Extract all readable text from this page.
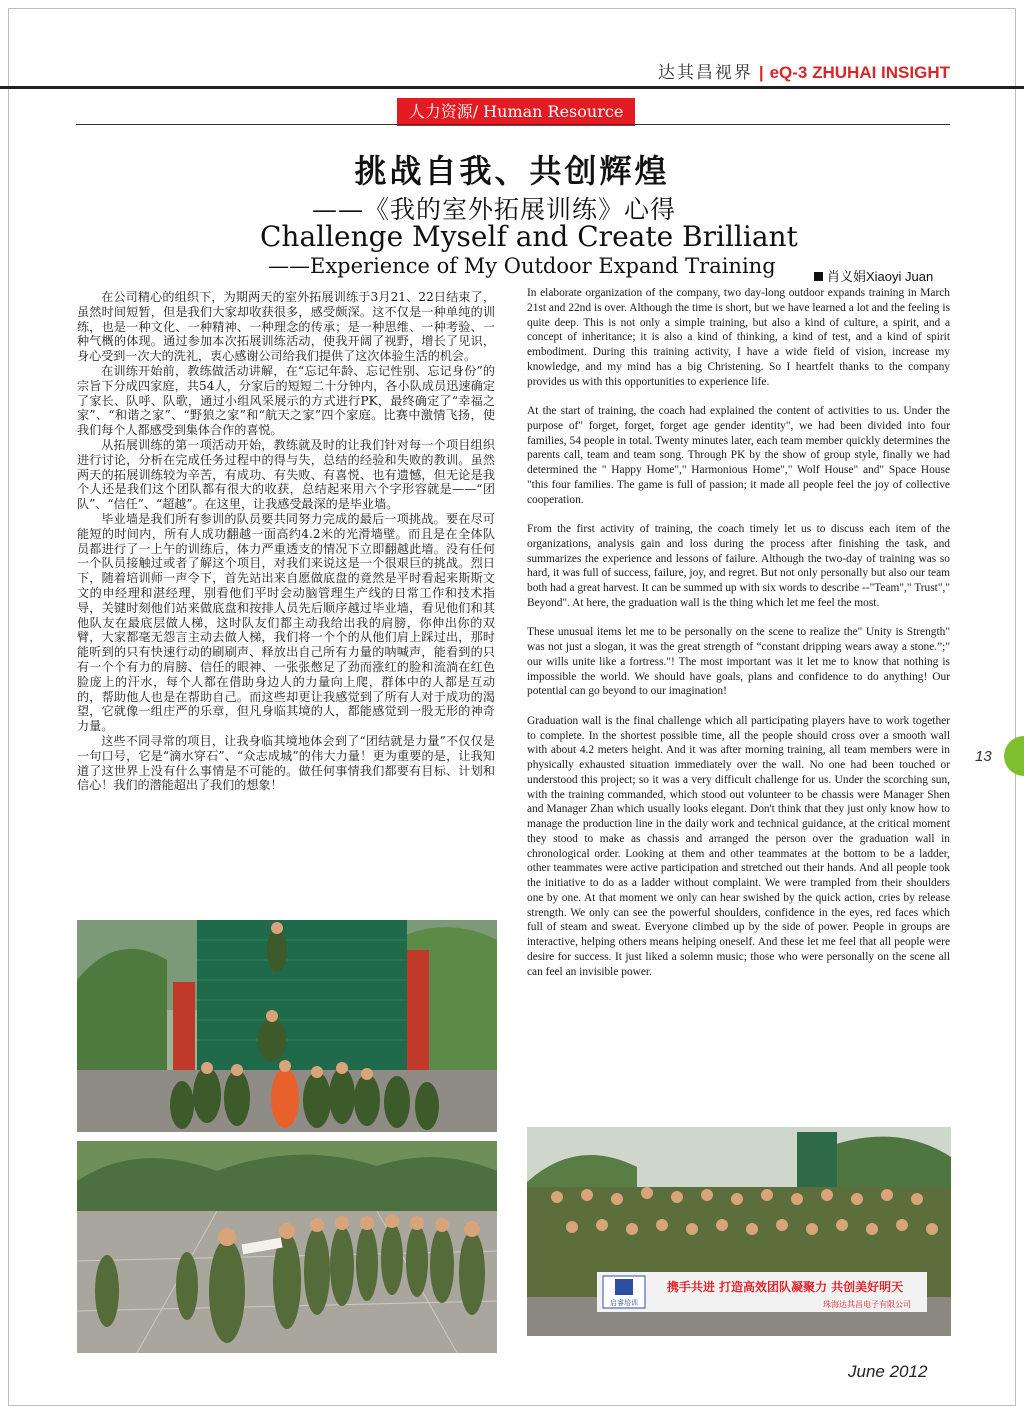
达其昌视界 | eQ-3 ZHUHAI INSIGHT
人力资源/ Human Resource
挑战自我、共创辉煌
——《我的室外拓展训练》心得
Challenge Myself and Create Brilliant
——Experience of My Outdoor Expand Training	肖义娟Xiaoyi Juan

在公司精心的组织下，为期两天的室外拓展训练于3月21、22日结束了，虽然时间短暂，但是我们大家却收获很多，感受颇深。这不仅是一种单纯的训练，也是一种文化、一种精神、一种理念的传承；是一种思维、一种考验、一种气概的体现。通过参加本次拓展训练活动，使我开阔了视野，增长了见识，身心受到一次大的洗礼，衷心感谢公司给我们提供了这次体验生活的机会。

在训练开始前，教练做活动讲解，在“忘记年龄、忘记性别、忘记身份”的宗旨下分成四家庭，共54人，分家后的短短二十分钟内，各小队成员迅速确定了家长、队呼、队歌，通过小组风采展示的方式进行PK，最终确定了“幸福之家”、“和谐之家”、“野狼之家”和“航天之家”四个家庭。比赛中激情飞扬，使我们每个人都感受到集体合作的喜悦。

从拓展训练的第一项活动开始，教练就及时的让我们针对每一个项目组织进行讨论，分析在完成任务过程中的得与失，总结的经验和失败的教训。虽然两天的拓展训练较为辛苦，有成功、有失败、有喜悦、也有遗憾，但无论是我个人还是我们这个团队都有很大的收获，总结起来用六个字形容就是——“团队”、“信任”、“超越”。在这里，让我感受最深的是毕业墙。

毕业墙是我们所有参训的队员要共同努力完成的最后一项挑战。要在尽可能短的时间内，所有人成功翻越一面高约4.2米的光滑墙壁。而且是在全体队员都进行了一上午的训练后，体力严重透支的情况下立即翻越此墙。没有任何一个队员接触过或者了解这个项目，对我们来说这是一个很艰巨的挑战。烈日下，随着培训师一声令下，首先站出来自愿做底盘的竟然是平时看起来斯斯文文的申经理和湛经理，别看他们平时会动脑管理生产线的日常工作和技术指导，关键时刻他们站来做底盘和按排人员先后顺序越过毕业墙，看见他们和其他队友在最底层做人梯，这时队友们都主动我给出我的肩膀，你伸出你的双臂，大家都毫无怨言主动去做人梯，我们将一个个的从他们肩上踩过出，那时能听到的只有快速行动的刷刷声、释放出自己所有力量的呐喊声，能看到的只有一个个有力的肩膀、信任的眼神、一张张憋足了劲而涨红的脸和流淌在红色脸庞上的汗水，每个人都在借助身边人的力量向上爬，群体中的人都是互动的，帮助他人也是在帮助自己。而这些却更让我感觉到了所有人对于成功的渴望，它就像一组庄严的乐章，但凡身临其境的人，都能感觉到一股无形的神奇力量。

这些不同寻常的项目，让我身临其境地体会到了“团结就是力量”不仅仅是一句口号，它是“滴水穿石”、“众志成城”的伟大力量！更为重要的是，让我知道了这世界上没有什么事情是不可能的。做任何事情我们都要有目标、计划和信心！我们的潜能超出了我们的想象！

In elaborate organization of the company, two day-long outdoor expands training in March 21st and 22nd is over. Although the time is short, but we have learned a lot and the feeling is quite deep. This is not only a simple training, but also a kind of culture, a spirit, and a concept of inheritance; it is also a kind of thinking, a kind of test, and a kind of spirit embodiment. During this training activity, I have a wide field of vision, increase my knowledge, and my mind has a big Christening. So I heartfelt thanks to the company provides us with this opportunities to experience life.

At the start of training, the coach had explained the content of activities to us. Under the purpose of" forget, forget, forget age gender identity", we had been divided into four families, 54 people in total. Twenty minutes later, each team member quickly determines the parents call, team and team song. Through PK by the show of group style, finally we had determined the " Happy Home"," Harmonious Home"," Wolf House" and" Space House "this four families. The game is full of passion; it made all people feel the joy of collective cooperation.

From the first activity of training, the coach timely let us to discuss each item of the organizations, analysis gain and loss during the process after finishing the task, and summarizes the experience and lessons of failure. Although the two-day of training was so hard, it was full of success, failure, joy, and regret. But not only personally but also our team both had a great harvest. It can be summed up with six words to describe --"Team"," Trust"," Beyond". At here, the graduation wall is the thing which let me feel the most.

These unusual items let me to be personally on the scene to realize the" Unity is Strength" was not just a slogan, it was the great strength of “constant dripping wears away a stone.”;" our wills unite like a fortress."! The most important was it let me to know that nothing is impossible the world. We should have goals, plans and confidence to do anything! Our potential can go beyond to our imagination!

Graduation wall is the final challenge which all participating players have to work together to complete. In the shortest possible time, all the people should cross over a smooth wall with about 4.2 meters height. And it was after morning training, all team members were in physically exhausted situation immediately over the wall. No one had been touched or understood this project; so it was a very difficult challenge for us. Under the scorching sun, with the training commanded, which stood out volunteer to be chassis were Manager Shen and Manager Zhan which usually looks elegant. Don't think that they just only know how to manage the production line in the daily work and technical guidance, at the critical moment they stood to make as chassis and arranged the person over the graduation wall in chronological order. Looking at them and other teammates at the bottom to be a ladder, other teammates were active participation and stretched out their hands. And all people took the initiative to do as a ladder without complaint. We were trampled from their shoulders one by one. At that moment we only can hear swished by the quick action, cries by release strength. We only can see the powerful shoulders, confidence in the eyes, red faces which full of steam and sweat. Everyone climbed up by the side of power. People in groups are interactive, helping others means helping oneself. And these let me feel that all people were desire for success. It just liked a solemn music; those who were personally on the scene all can feel an invisible power.

启睿培训
携手共进 打造高效团队凝聚力 共创美好明天
珠海达其昌电子有限公司
13
June 2012
